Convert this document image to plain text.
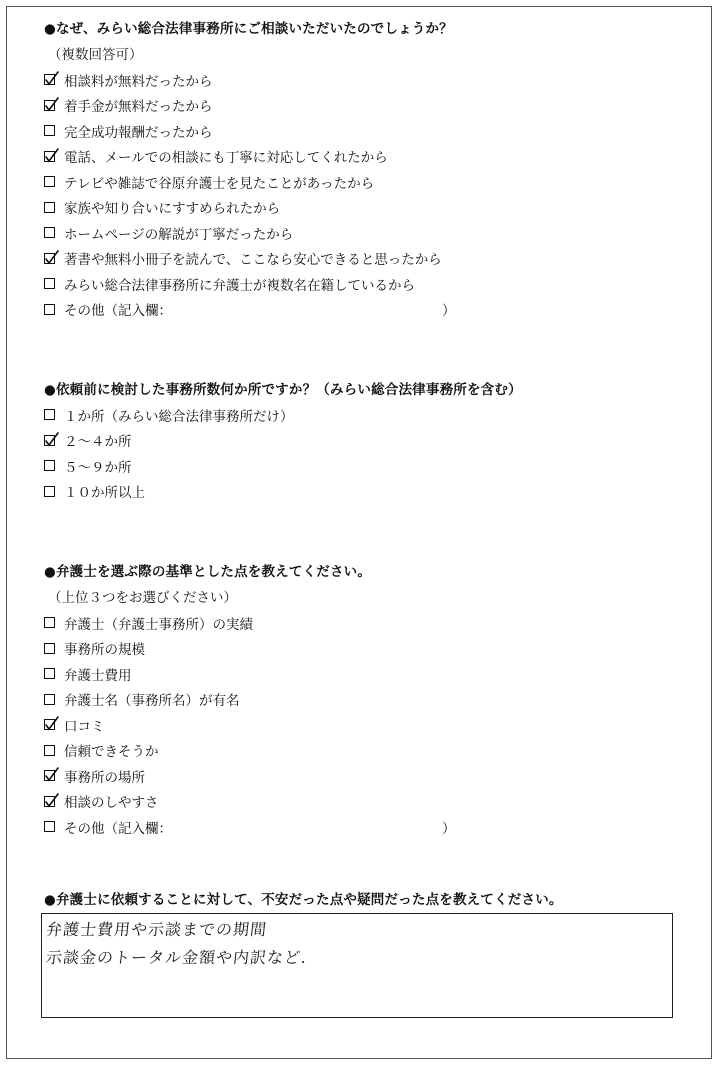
●なぜ、みらい総合法律事務所にご相談いただいたのでしょうか？
（複数回答可）
相談料が無料だったから
着手金が無料だったから
完全成功報酬だったから
電話、メールでの相談にも丁寧に対応してくれたから
テレビや雑誌で谷原弁護士を見たことがあったから
家族や知り合いにすすめられたから
ホームページの解説が丁寧だったから
著書や無料小冊子を読んで、ここなら安心できると思ったから
みらい総合法律事務所に弁護士が複数名在籍しているから
その他（記入欄：	）
●依頼前に検討した事務所数何か所ですか？（みらい総合法律事務所を含む）
１か所（みらい総合法律事務所だけ）
２～４か所
５～９か所
１０か所以上
●弁護士を選ぶ際の基準とした点を教えてください。
（上位３つをお選びください）
弁護士（弁護士事務所）の実績
事務所の規模
弁護士費用
弁護士名（事務所名）が有名
口コミ
信頼できそうか
事務所の場所
相談のしやすさ
その他（記入欄：	）
●弁護士に依頼することに対して、不安だった点や疑問だった点を教えてください。
弁護士費用や示談までの期間
示談金のトータル金額や内訳など．
